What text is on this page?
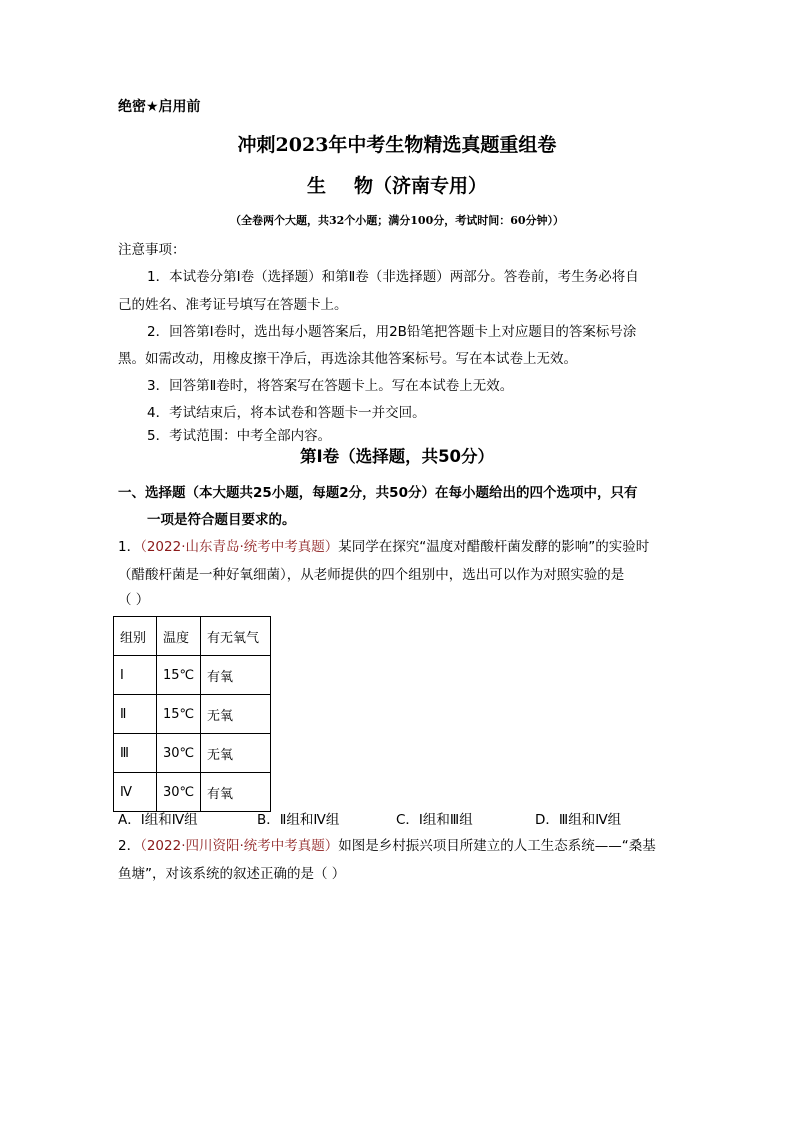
绝密★启用前
冲刺2023年中考生物精选真题重组卷
生 物（济南专用）
（全卷两个大题，共32个小题；满分100分，考试时间：60分钟））
注意事项：
1．本试卷分第Ⅰ卷（选择题）和第Ⅱ卷（非选择题）两部分。答卷前，考生务必将自
己的姓名、准考证号填写在答题卡上。
2．回答第Ⅰ卷时，选出每小题答案后，用2B铅笔把答题卡上对应题目的答案标号涂
黑。如需改动，用橡皮擦干净后，再选涂其他答案标号。写在本试卷上无效。
3．回答第Ⅱ卷时，将答案写在答题卡上。写在本试卷上无效。
4．考试结束后，将本试卷和答题卡一并交回。
5．考试范围：中考全部内容。
第Ⅰ卷（选择题，共50分）
一、选择题（本大题共25小题，每题2分，共50分）在每小题给出的四个选项中，只有
一项是符合题目要求的。
1．（2022·山东青岛·统考中考真题）某同学在探究“温度对醋酸杆菌发酵的影响”的实验时
（醋酸杆菌是一种好氧细菌），从老师提供的四个组别中，选出可以作为对照实验的是
（ ）
组别	温度	有无氧气
Ⅰ	15℃	有氧
Ⅱ	15℃	无氧
Ⅲ	30℃	无氧
Ⅳ	30℃	有氧
A．Ⅰ组和Ⅳ组	B．Ⅱ组和Ⅳ组	C．Ⅰ组和Ⅲ组	D．Ⅲ组和Ⅳ组
2．（2022·四川资阳·统考中考真题）如图是乡村振兴项目所建立的人工生态系统——“桑基
鱼塘”，对该系统的叙述正确的是（ ）
